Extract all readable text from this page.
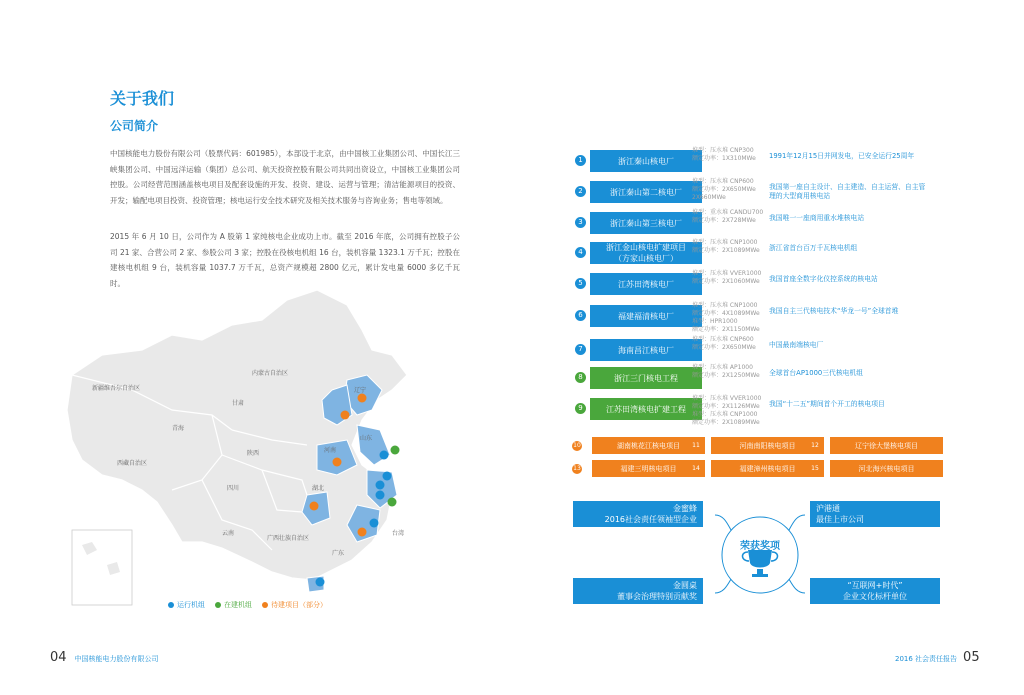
关于我们
公司简介
中国核能电力股份有限公司（股票代码：601985），本部设于北京，由中国核工业集团公司、中国长江三峡集团公司、中国远洋运输（集团）总公司、航天投资控股有限公司共同出资设立，中国核工业集团公司控股。公司经营范围涵盖核电项目及配套设施的开发、投资、建设、运营与管理；清洁能源项目的投资、开发；输配电项目投资、投资管理；核电运行安全技术研究及相关技术服务与咨询业务；售电等领域。
2015 年 6 月 10 日，公司作为 A 股第 1 家纯核电企业成功上市。截至 2016 年底，公司拥有控股子公司 21 家、合营公司 2 家、参股公司 3 家；控股在役核电机组 16 台，装机容量 1323.1 万千瓦；控股在建核电机组 9 台，装机容量 1037.7 万千瓦，总资产规模超 2800 亿元，累计发电量 6000 多亿千瓦时。
新疆维吾尔自治区
西藏自治区
青海
甘肃
内蒙古自治区
陕西
四川
云南
广西壮族自治区
广东
湖北
河南
山东
辽宁
台湾
运行机组	在建机组	待建项目（部分）
1	浙江秦山核电厂
堆型：压水堆 CNP300
额定功率：1X310MWe	1991年12月15日并网发电，已安全运行25周年
2	浙江秦山第二核电厂
堆型：压水堆 CNP600
额定功率：2X650MWe
2X660MWe
我国第一座自主设计、自主建造、自主运营、自主管理的大型商用核电站
3	浙江秦山第三核电厂
堆型：重水堆 CANDU700
额定功率：2X728MWe	我国唯一一座商用重水堆核电站
4	浙江金山核电扩建项目
（方家山核电厂）
堆型：压水堆 CNP1000
额定功率：2X1089MWe	浙江省首台百万千瓦核电机组
5	江苏田湾核电厂
堆型：压水堆 VVER1000
额定功率：2X1060MWe	我国首座全数字化仪控系统的核电站
6	福建福清核电厂
堆型：压水堆 CNP1000
额定功率：4X1089MWe
堆型：HPR1000
额定功率：2X1150MWe
我国自主三代核电技术“华龙一号”全球首堆
7	海南昌江核电厂
堆型：压水堆 CNP600
额定功率：2X650MWe	中国最南端核电厂
8	浙江三门核电工程
堆型：压水堆 AP1000
额定功率：2X1250MWe	全球首台AP1000三代核电机组
9	江苏田湾核电扩建工程
堆型：压水堆 VVER1000
额定功率：2X1126MWe
堆型：压水堆 CNP1000
额定功率：2X1089MWe
我国“十二五”期间首个开工的核电项目
10	湖南桃花江核电项目	11	河南南阳核电项目	12	辽宁徐大堡核电项目
13	福建三明核电项目	14	福建漳州核电项目	15	河北海兴核电项目
荣获奖项
金蜜蜂
2016社会责任领袖型企业
沪港通
最佳上市公司
金圆桌
董事会治理特别贡献奖
“互联网+时代”
企业文化标杆单位
04 中国核能电力股份有限公司	2016 社会责任报告 05
